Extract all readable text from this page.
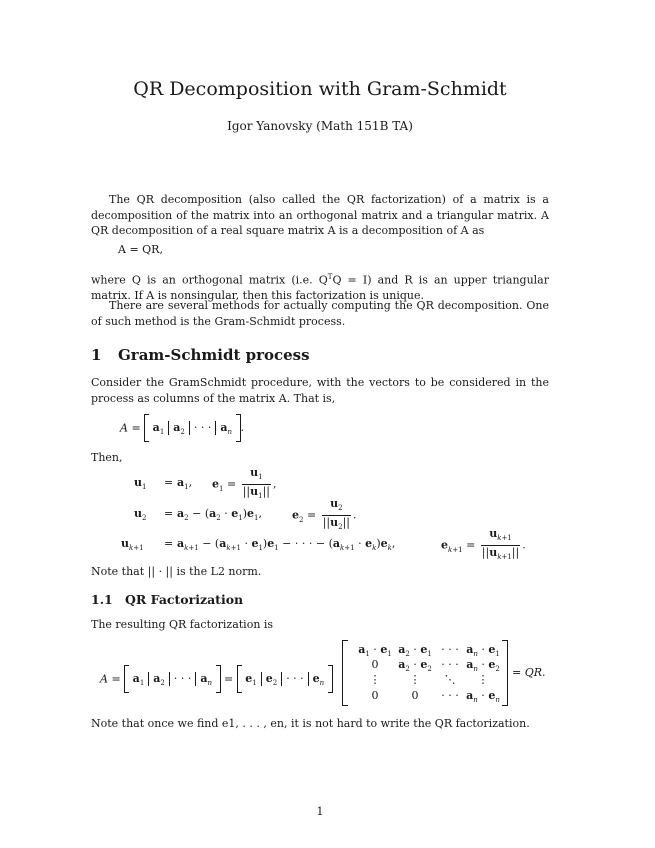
QR Decomposition with Gram-Schmidt
Igor Yanovsky (Math 151B TA)
The QR decomposition (also called the QR factorization) of a matrix is a decomposition of the matrix into an orthogonal matrix and a triangular matrix. A QR decomposition of a real square matrix A is a decomposition of A as
A = QR,
where Q is an orthogonal matrix (i.e. $Q^TQ = I$) and R is an upper triangular matrix. If A is nonsingular, then this factorization is unique.
There are several methods for actually computing the QR decomposition. One of such method is the Gram-Schmidt process.
1 Gram-Schmidt process
Consider the GramSchmidt procedure, with the vectors to be considered in the process as columns of the matrix A. That is,
$A = a_1$ $a_2$ · · · $a_n$ .
Then,
$u_1 = a_1$, $e_1 = \frac{u_1}{||u_1||}$ ,
$u_2 = a_2 - (a_2 \cdot e_1)e_1$,	$e_2 = \frac{u_2}{||u_2||}$ .
$u_{k+1} = a_{k+1} - (a_{k+1} \cdot e_1)e_1$ − · · · − $(a_{k+1} \cdot e_k)e_k$,	$e_{k+1} = \frac{u_{k+1}}{||u_{k+1}||}$ .
Note that || · || is the L2 norm.
1.1 QR Factorization
The resulting QR factorization is
$A = a_1$ $a_2$ · · · $a_n = e_1$ $e_2$ · · · $e_n$
$a_1 \cdot e_1$ $a_2 \cdot e_1$ · · · $a_n \cdot e_1$
0	$a_2 \cdot e_2$ · · · $a_n \cdot e_2$
⋮	⋮	⋱	⋮
0	0	· · · $a_n \cdot e_n$
= QR.
Note that once we find e1, . . . , en, it is not hard to write the QR factorization.
1
